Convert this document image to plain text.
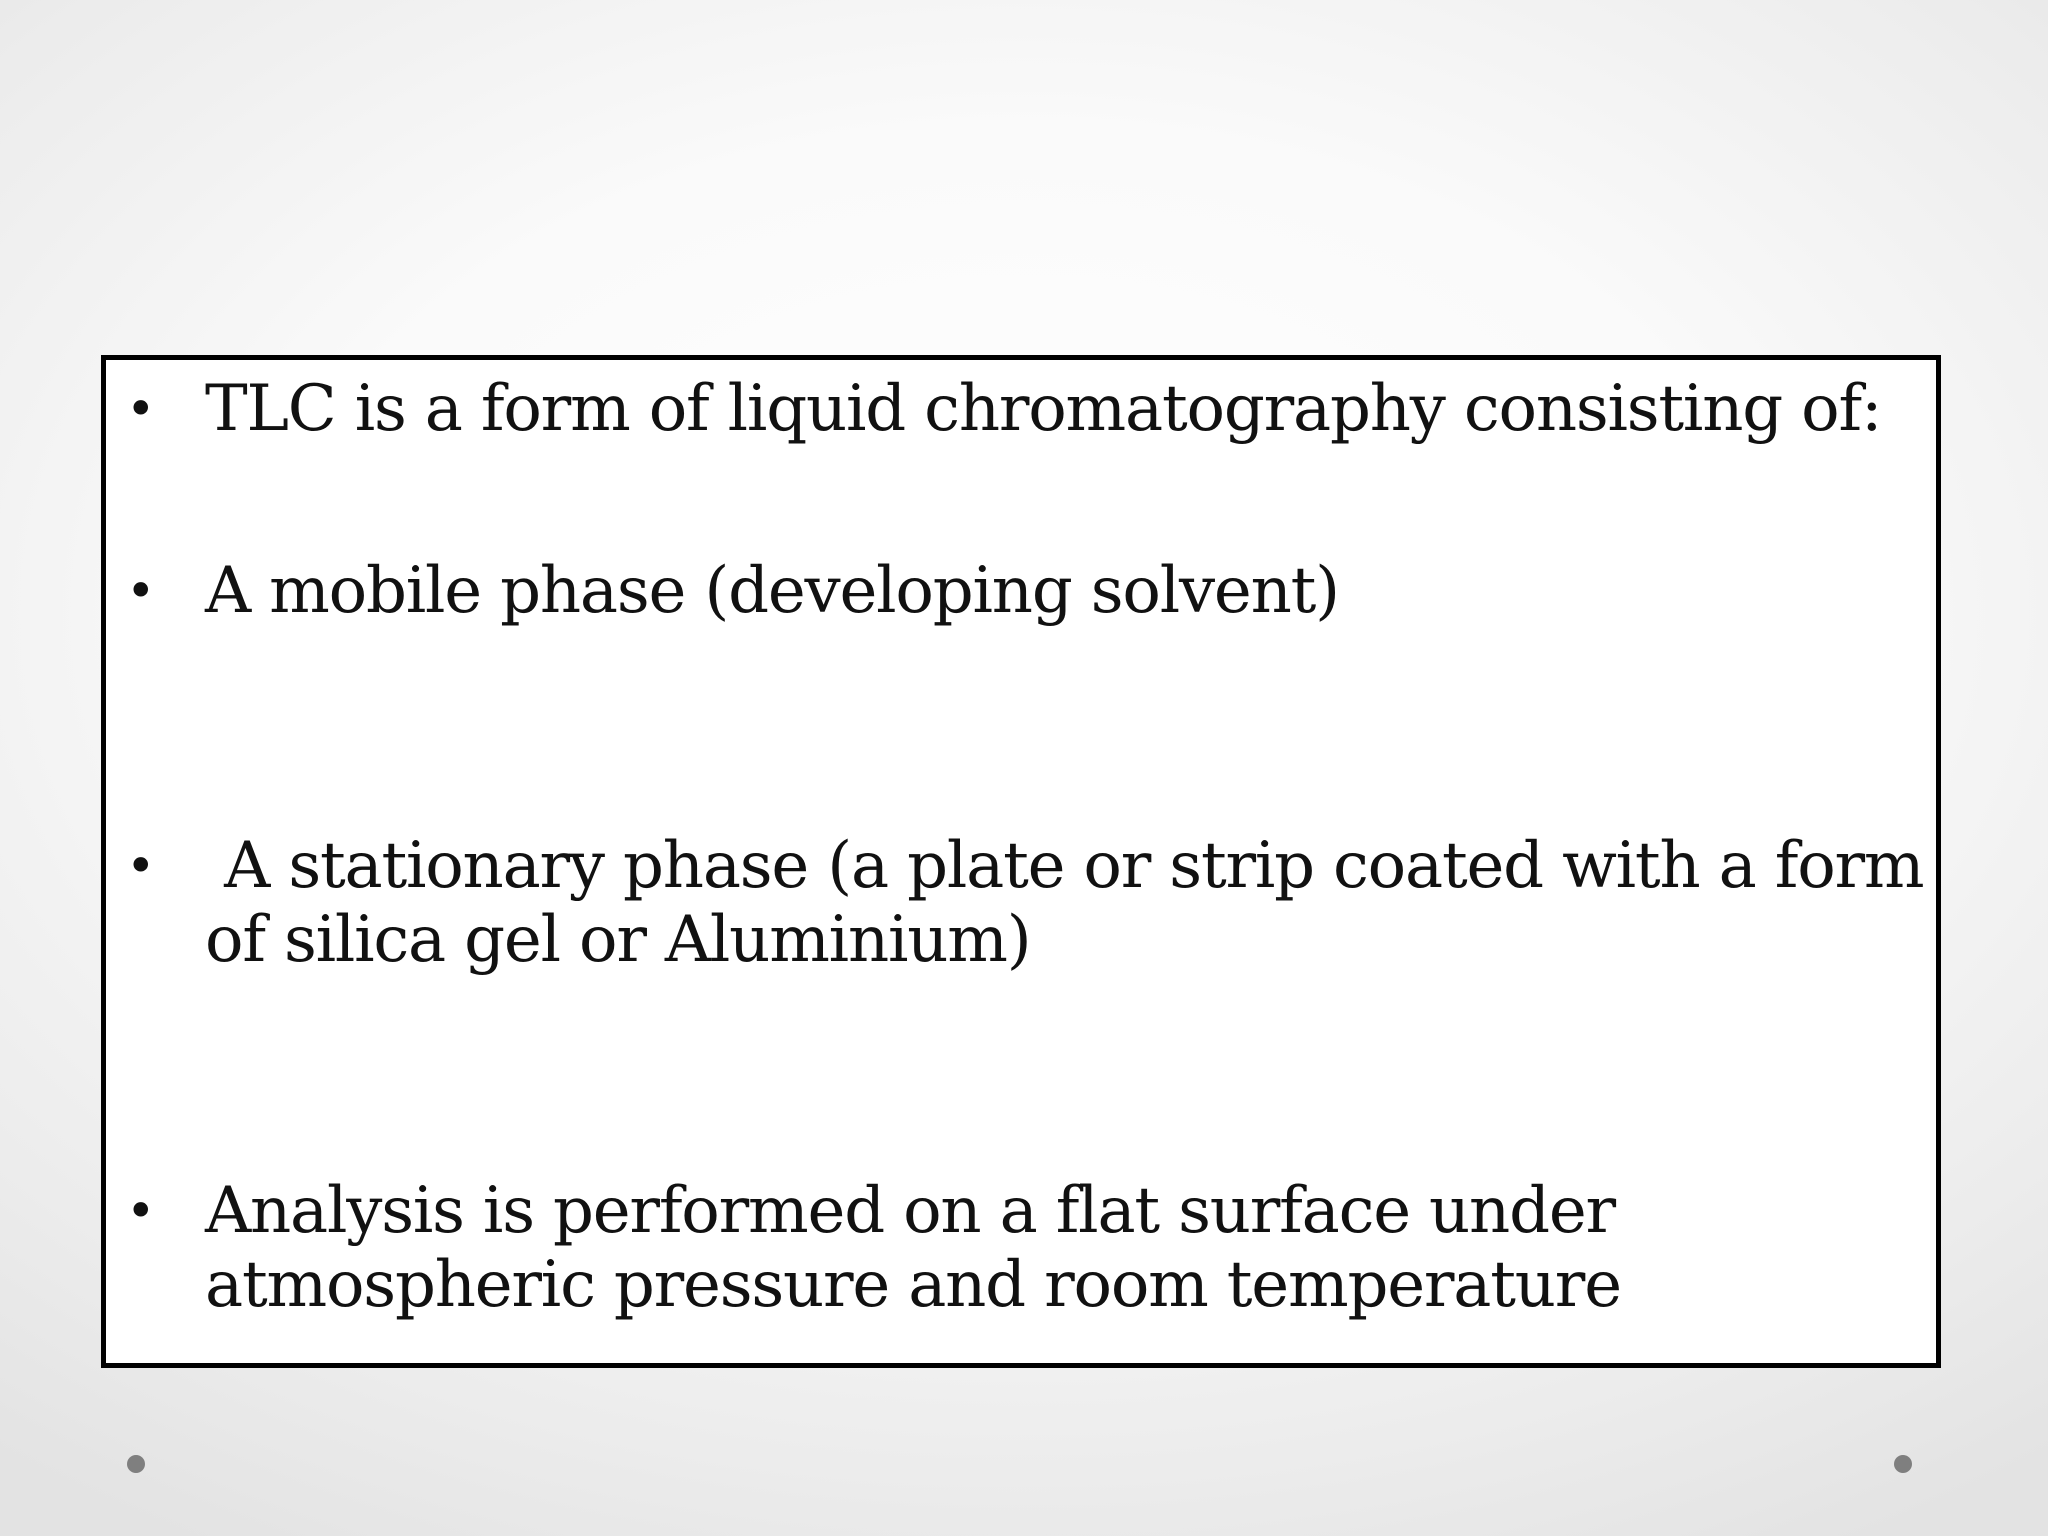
• TLC is a form of liquid chromatography consisting of:
• A mobile phase (developing solvent)
• A stationary phase (a plate or strip coated with a form of silica gel or Aluminium)
• Analysis is performed on a flat surface under atmospheric pressure and room temperature
